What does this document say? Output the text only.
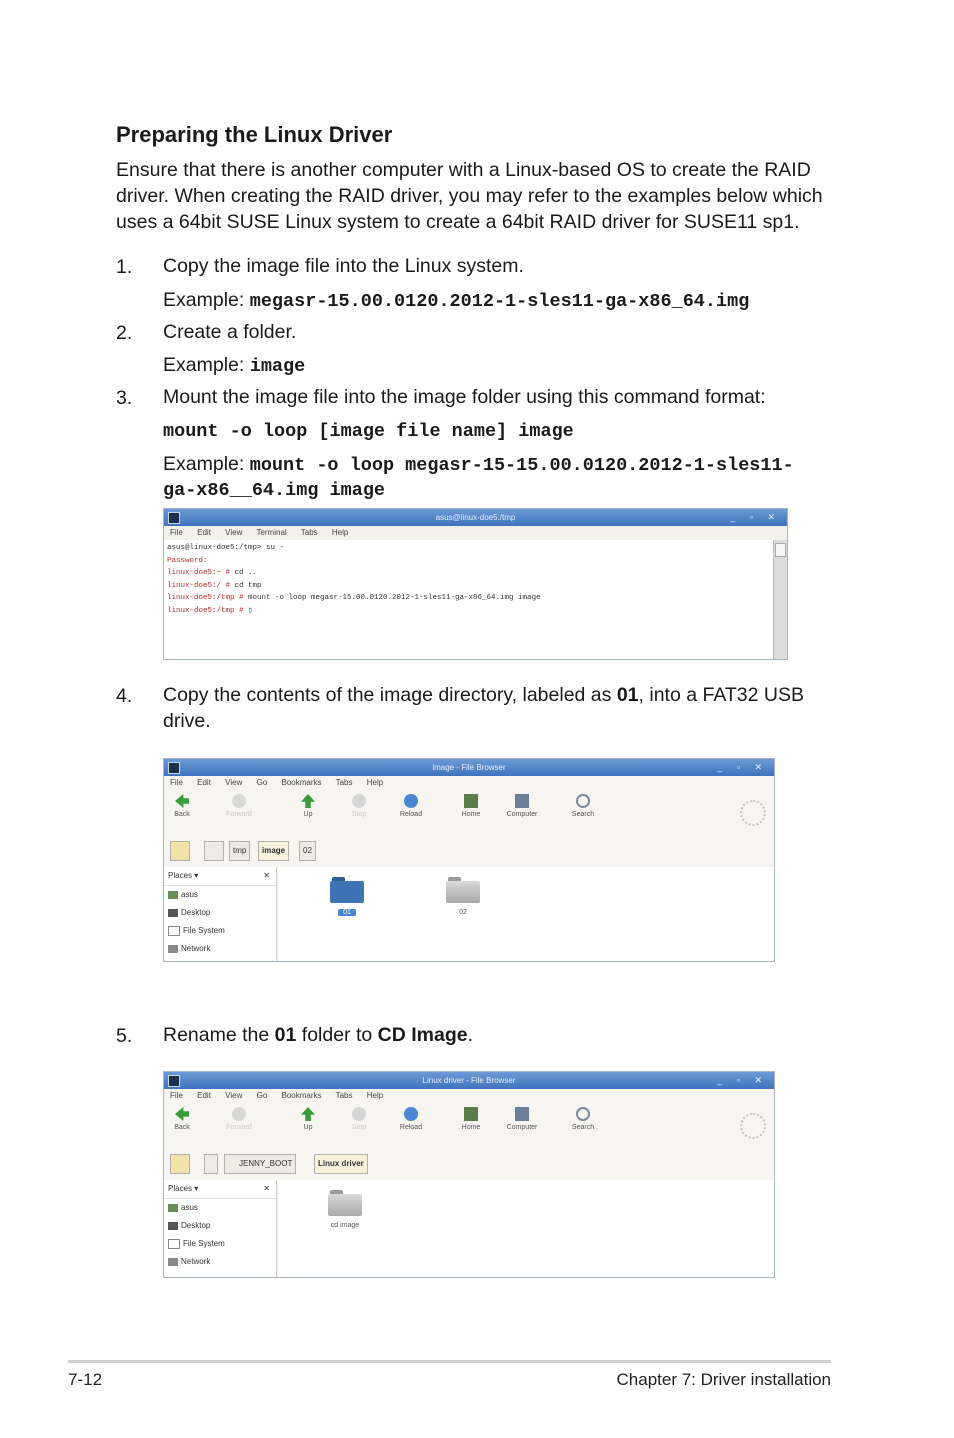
Preparing the Linux Driver
Ensure that there is another computer with a Linux-based OS to create the RAID driver. When creating the RAID driver, you may refer to the examples below which uses a 64bit SUSE Linux system to create a 64bit RAID driver for SUSE11 sp1.
1. Copy the image file into the Linux system.
Example: megasr-15.00.0120.2012-1-sles11-ga-x86_64.img
2. Create a folder.
Example: image
3. Mount the image file into the image folder using this command format:
mount -o loop [image file name] image
Example: mount -o loop megasr-15-15.00.0120.2012-1-sles11-
ga-x86__64.img image
asus@linux-doe5:/tmp	_ ▫ ✕
File Edit View Terminal Tabs Help
asus@linux-doe5:/tmp> su -
Password:
linux-doe5:~ # cd ..
linux-doe5:/ # cd tmp
linux-doe5:/tmp # mount -o loop megasr-15.00.0120.2012-1-sles11-ga-x86_64.img image
linux-doe5:/tmp # ▯
4. Copy the contents of the image directory, labeled as 01, into a FAT32 USB drive.
image - File Browser	_ ▫ ✕
File Edit View Go Bookmarks Tabs Help
Back	Forward	Up	Stop	Reload	Home	Computer	Search
tmp	image	02
Places ▾	✕
asus
Desktop
File System
Network
01	02
5. Rename the 01 folder to CD Image.
Linux driver - File Browser	_ ▫ ✕
File Edit View Go Bookmarks Tabs Help
Back	Forward	Up	Stop	Reload	Home	Computer	Search
JENNY_BOOT	Linux driver
Places ▾	✕
asus
Desktop
File System
Network
cd image
7-12	Chapter 7: Driver installation
